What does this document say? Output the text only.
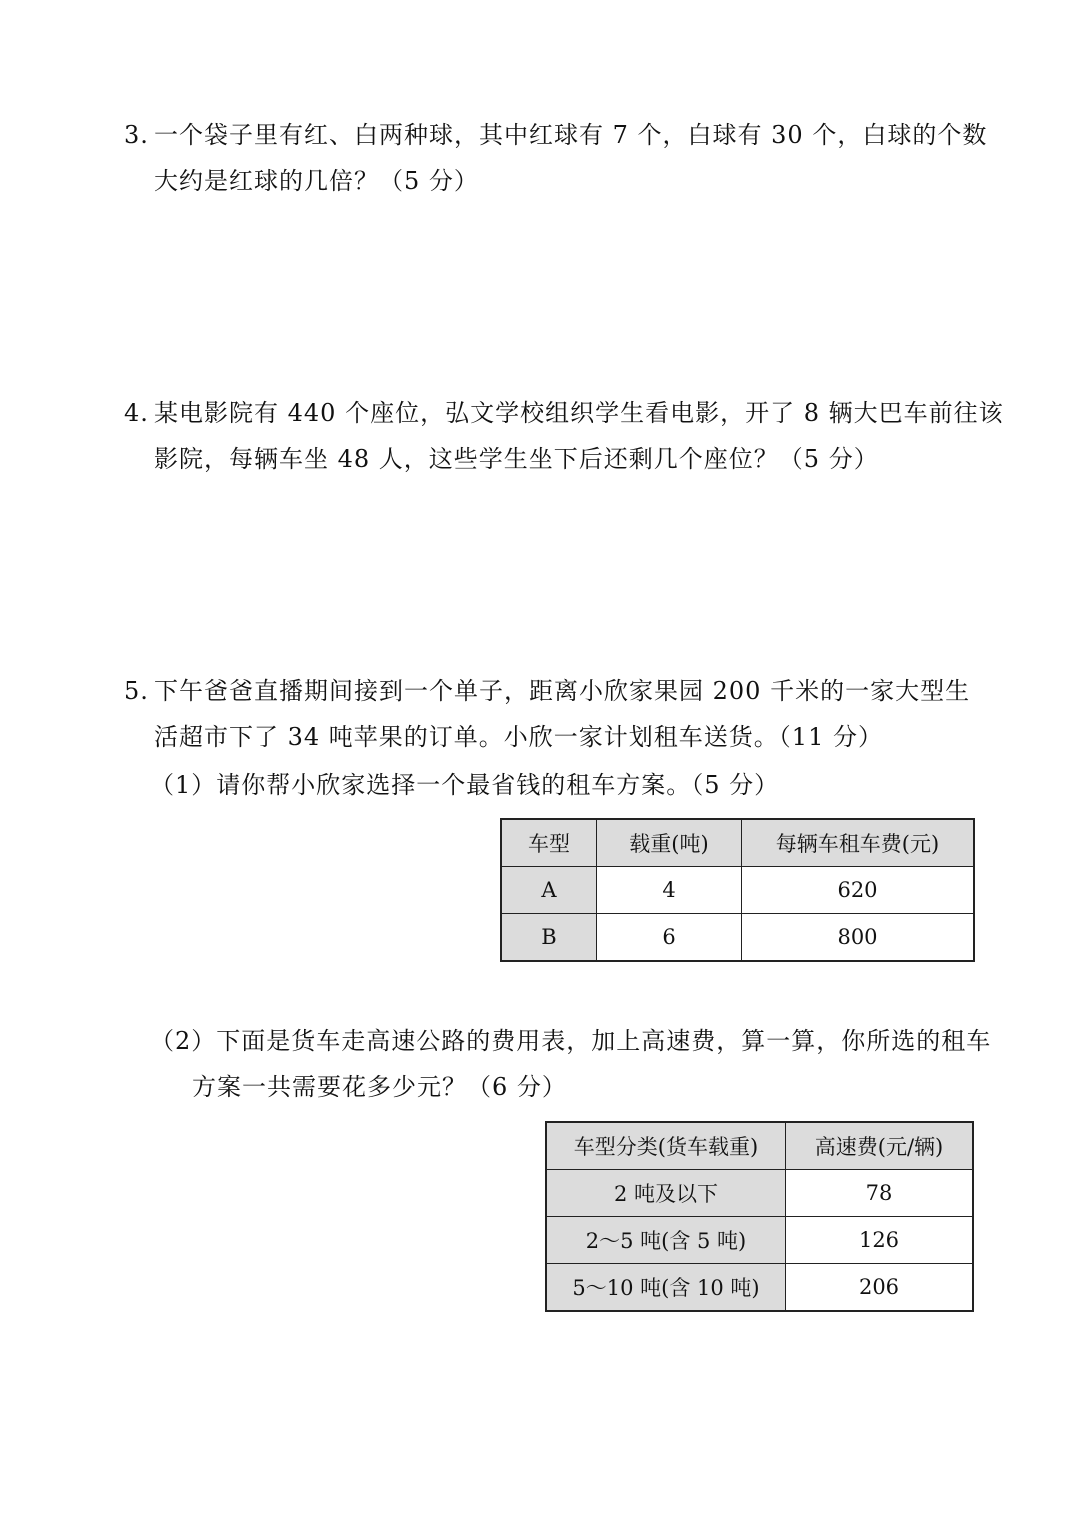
3. 一个袋子里有红、白两种球，其中红球有 7 个，白球有 30 个，白球的个数
大约是红球的几倍？（5 分）
4. 某电影院有 440 个座位，弘文学校组织学生看电影，开了 8 辆大巴车前往该
影院，每辆车坐 48 人，这些学生坐下后还剩几个座位？（5 分）
5. 下午爸爸直播期间接到一个单子，距离小欣家果园 200 千米的一家大型生
活超市下了 34 吨苹果的订单。小欣一家计划租车送货。（11 分）
（1）请你帮小欣家选择一个最省钱的租车方案。（5 分）
车型	载重(吨)	每辆车租车费(元)
A	4	620
B	6	800
（2）下面是货车走高速公路的费用表，加上高速费，算一算，你所选的租车
方案一共需要花多少元？（6 分）
车型分类(货车载重)	高速费(元/辆)
2 吨及以下	78
2～5 吨(含 5 吨)	126
5～10 吨(含 10 吨)	206
